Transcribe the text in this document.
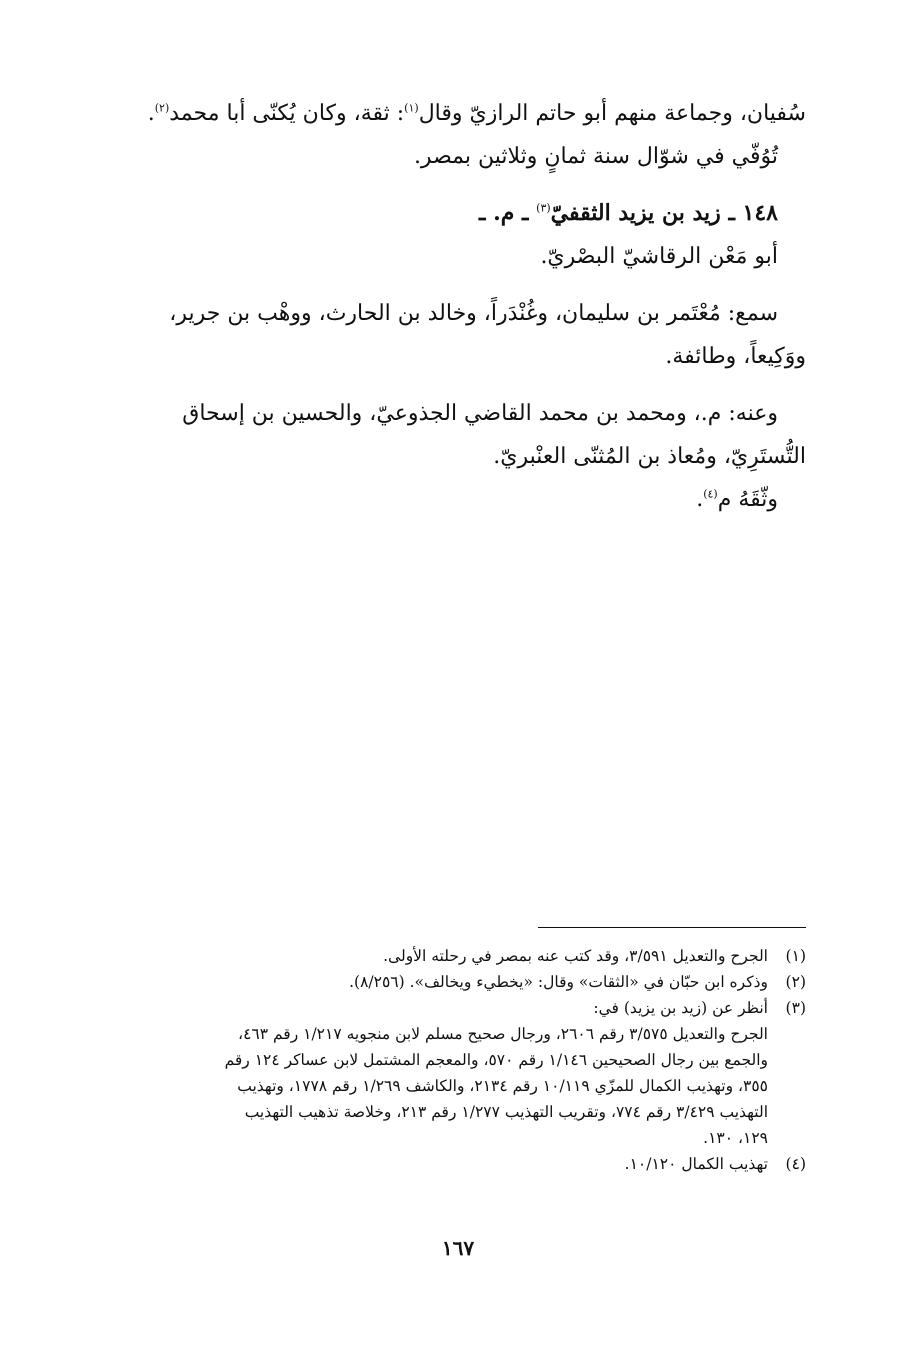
سُفيان، وجماعة منهم أبو حاتم الرازيّ وقال$^{(١)}$: ثقة، وكان يُكنّى أبا محمد$^{(٢)}$.
تُوُفّي في شوّال سنة ثمانٍ وثلاثين بمصر.
١٤٨ ـ زيد بن يزيد الثقفيّ$^{(٣)}$ ـ م. ـ
أبو مَعْن الرقاشيّ البصْريّ.
سمع: مُعْتَمر بن سليمان، وغُنْدَراً، وخالد بن الحارث، ووهْب بن جرير،
ووَكِيعاً، وطائفة.
وعنه: م.، ومحمد بن محمد القاضي الجذوعيّ، والحسين بن إسحاق
التُّستَرِيّ، ومُعاذ بن المُثنّى العنْبريّ.
وثّقَهُ م$^{(٤)}$.
(١)
الجرح والتعديل ٣/٥٩١، وقد كتب عنه بمصر في رحلته الأولى.
(٢)
وذكره ابن حبّان في «الثقات» وقال: «يخطيء ويخالف». (٨/٢٥٦).
(٣)
أنظر عن (زيد بن يزيد) في:
الجرح والتعديل ٣/٥٧٥ رقم ٢٦٠٦، ورجال صحيح مسلم لابن منجويه ١/٢١٧ رقم ٤٦٣،
والجمع بين رجال الصحيحين ١/١٤٦ رقم ٥٧٠، والمعجم المشتمل لابن عساكر ١٢٤ رقم
٣٥٥، وتهذيب الكمال للمزّي ١٠/١١٩ رقم ٢١٣٤، والكاشف ١/٢٦٩ رقم ١٧٧٨، وتهذيب
التهذيب ٣/٤٢٩ رقم ٧٧٤، وتقريب التهذيب ١/٢٧٧ رقم ٢١٣، وخلاصة تذهيب التهذيب
١٢٩، ١٣٠.
(٤)
تهذيب الكمال ١٠/١٢٠.
١٦٧
